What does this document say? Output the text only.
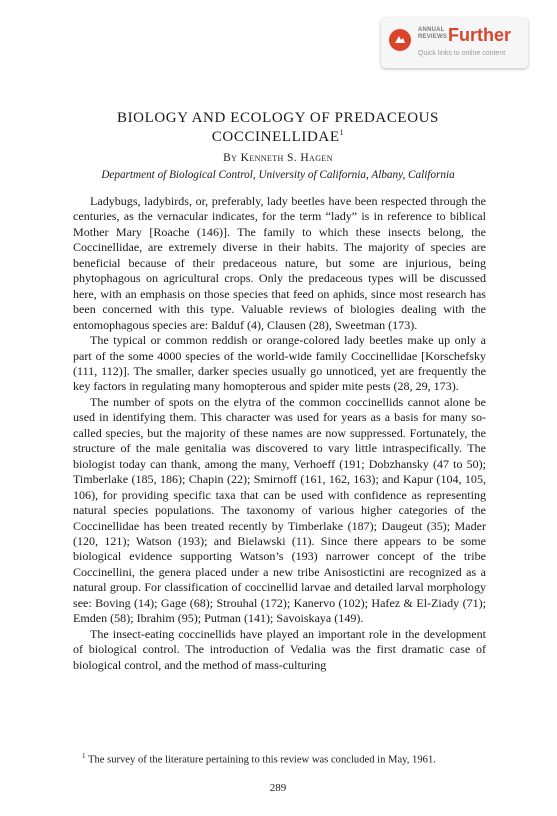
ANNUAL
REVIEWS Further
Quick links to online content
BIOLOGY AND ECOLOGY OF PREDACEOUS
COCCINELLIDAE$^1$
By Kenneth S. Hagen
Department of Biological Control, University of California, Albany, California

Ladybugs, ladybirds, or, preferably, lady beetles have been respected through the centuries, as the vernacular indicates, for the term “lady” is in reference to biblical Mother Mary [Roache (146)]. The family to which these insects belong, the Coccinellidae, are extremely diverse in their habits. The majority of species are beneficial because of their predaceous nature, but some are injurious, being phytophagous on agricultural crops. Only the predaceous types will be discussed here, with an emphasis on those species that feed on aphids, since most research has been concerned with this type. Valuable reviews of biologies dealing with the entomophagous species are: Balduf (4), Clausen (28), Sweetman (173).

The typical or common reddish or orange-colored lady beetles make up only a part of the some 4000 species of the world-wide family Coccinellidae [Korschefsky (111, 112)]. The smaller, darker species usually go unnoticed, yet are frequently the key factors in regulating many homopterous and spider mite pests (28, 29, 173).

The number of spots on the elytra of the common coccinellids cannot alone be used in identifying them. This character was used for years as a basis for many so-called species, but the majority of these names are now suppressed. Fortunately, the structure of the male genitalia was discovered to vary little intraspecifically. The biologist today can thank, among the many, Verhoeff (191; Dobzhansky (47 to 50); Timberlake (185, 186); Chapin (22); Smirnoff (161, 162, 163); and Kapur (104, 105, 106), for providing specific taxa that can be used with confidence as representing natural species populations. The taxonomy of various higher categories of the Coccinellidae has been treated recently by Timberlake (187); Daugeut (35); Mader (120, 121); Watson (193); and Bielawski (11). Since there appears to be some biological evidence supporting Watson’s (193) narrower concept of the tribe Coccinellini, the genera placed under a new tribe Anisostictini are recognized as a natural group. For classification of coccinellid larvae and detailed larval morphology see: Boving (14); Gage (68); Strouhal (172); Kanervo (102); Hafez & El-Ziady (71); Emden (58); Ibrahim (95); Putman (141); Savoiskaya (149).

The insect-eating coccinellids have played an important role in the development of biological control. The introduction of Vedalia was the first dramatic case of biological control, and the method of mass-culturing

$^1$ The survey of the literature pertaining to this review was concluded in May, 1961.
289
